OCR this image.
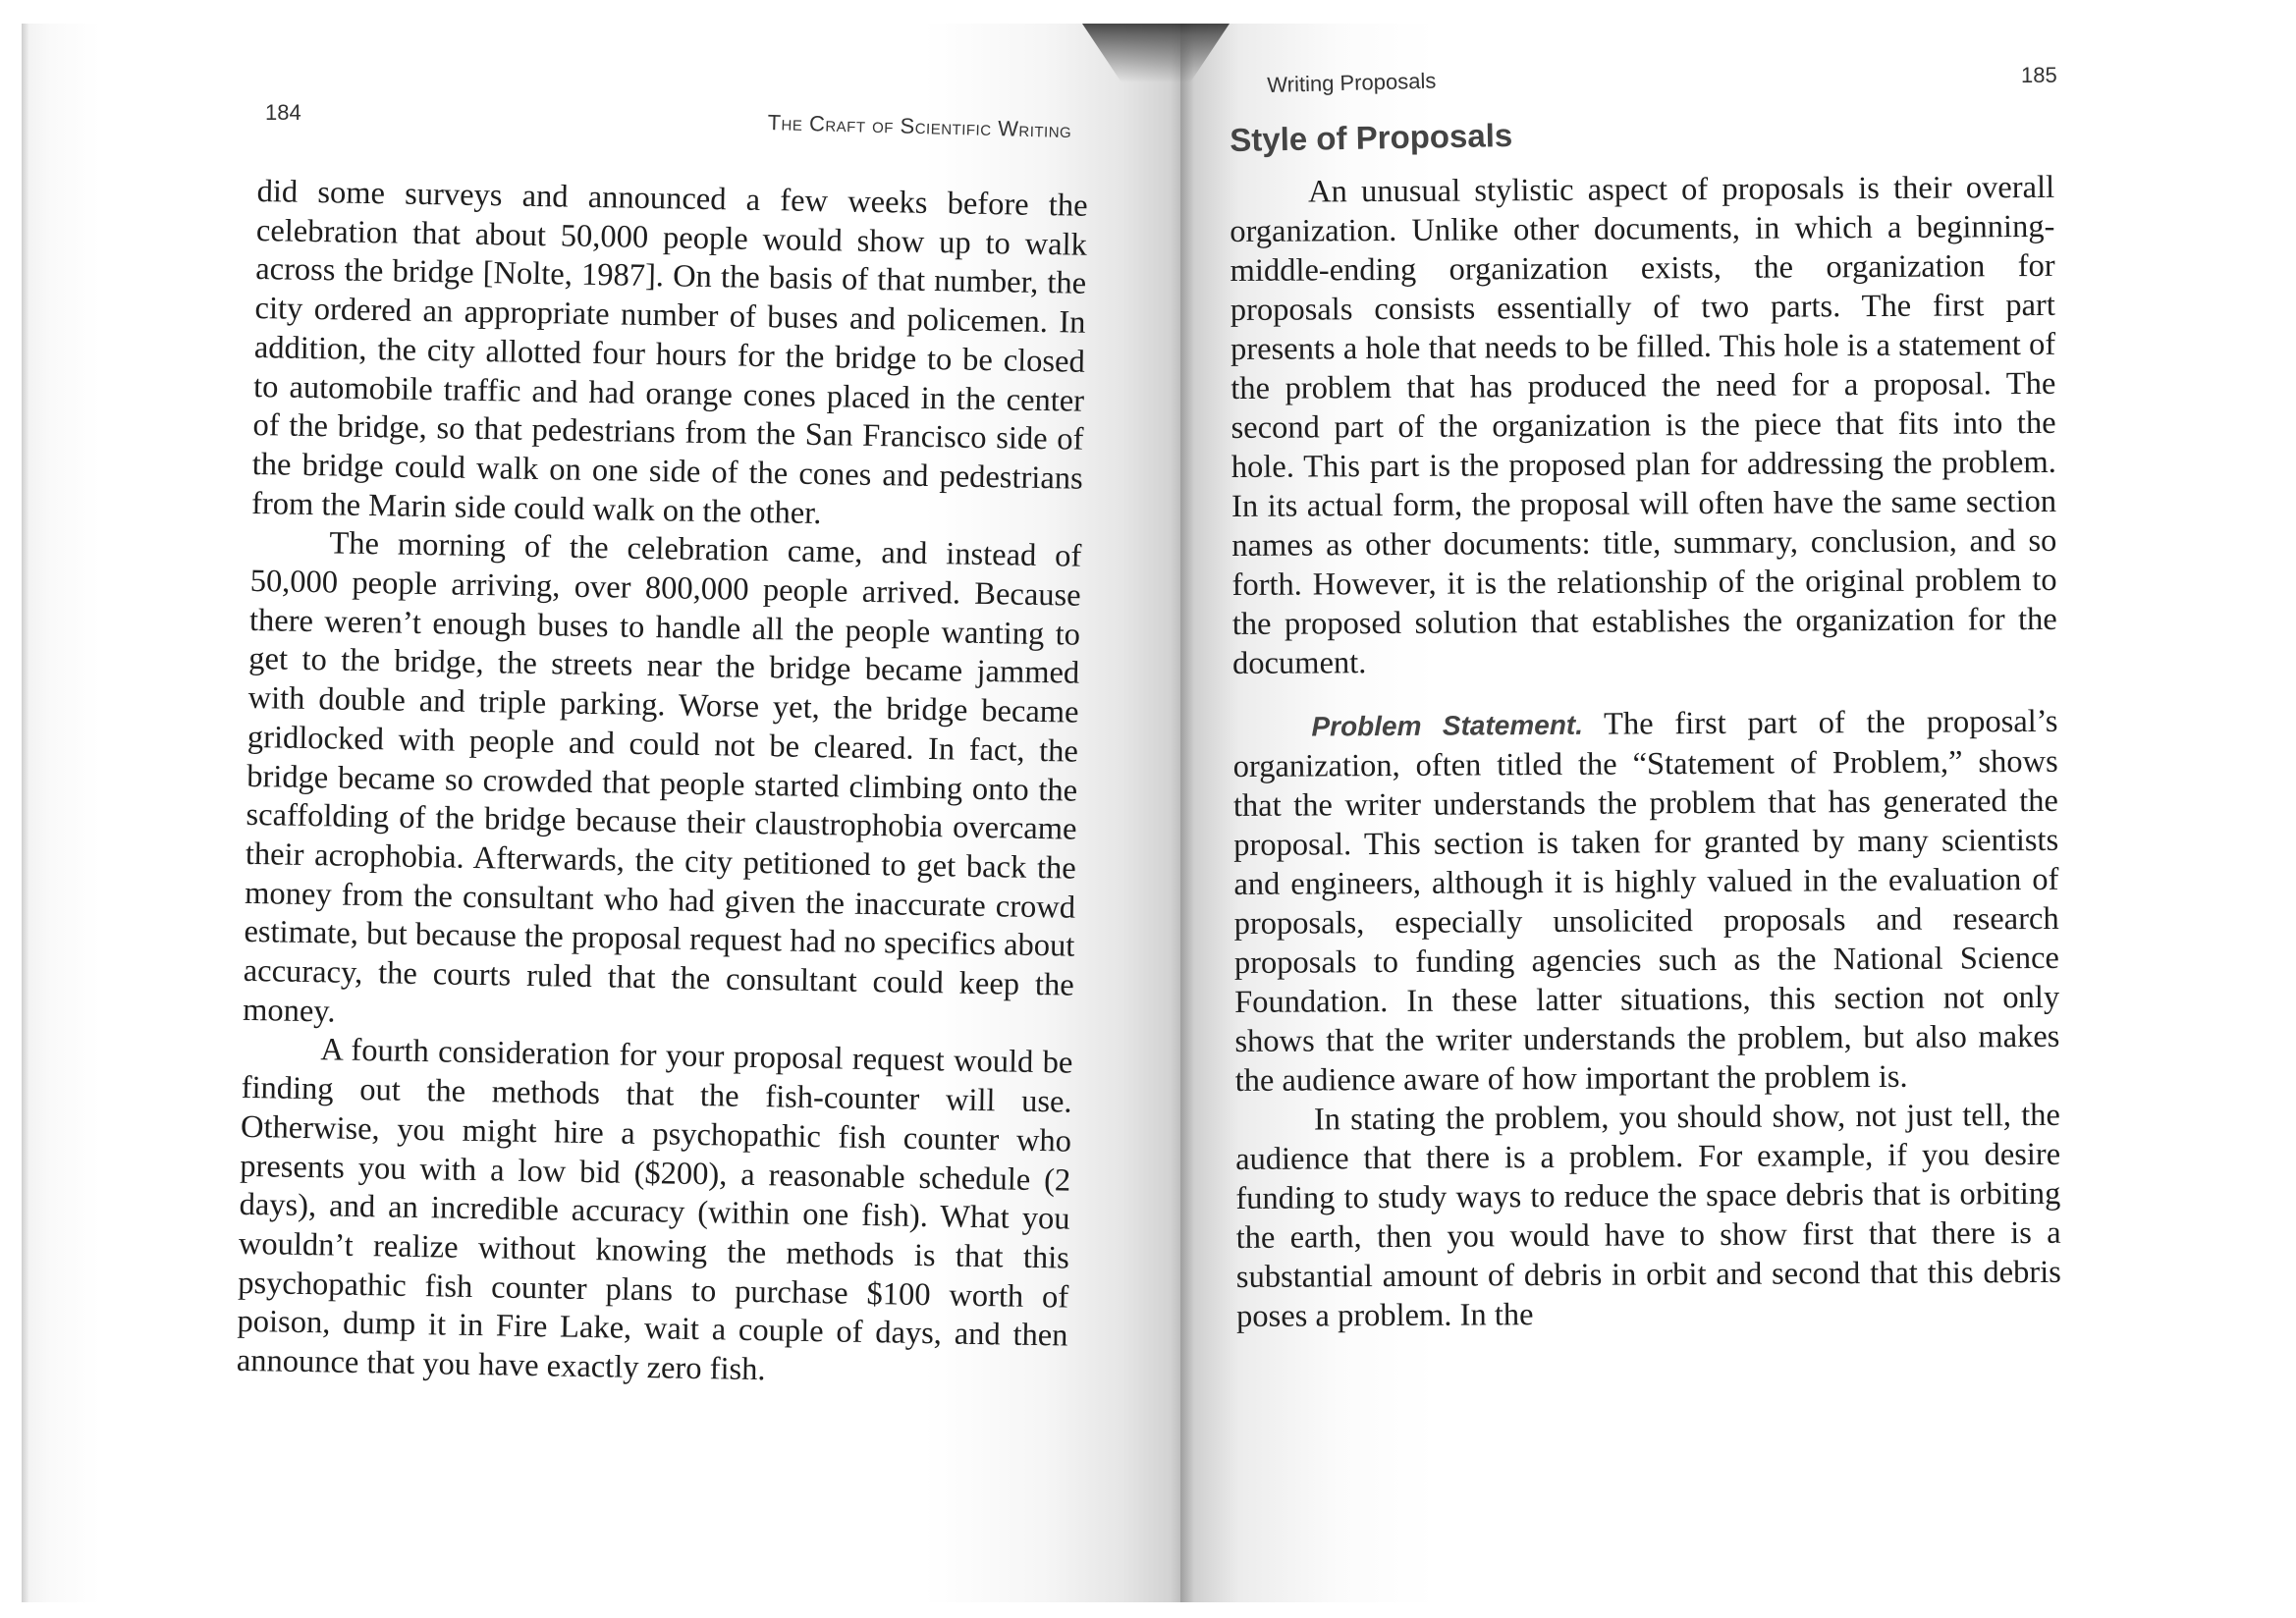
184	The Craft of Scientific Writing

did some surveys and announced a few weeks before the celebration that about 50,000 people would show up to walk across the bridge [Nolte, 1987]. On the basis of that number, the city ordered an appropriate number of buses and policemen. In addition, the city allotted four hours for the bridge to be closed to automobile traffic and had orange cones placed in the center of the bridge, so that pedestrians from the San Francisco side of the bridge could walk on one side of the cones and pedestrians from the Marin side could walk on the other.

The morning of the celebration came, and instead of 50,000 people arriving, over 800,000 people arrived. Because there weren’t enough buses to handle all the people wanting to get to the bridge, the streets near the bridge became jammed with double and triple parking. Worse yet, the bridge became gridlocked with people and could not be cleared. In fact, the bridge became so crowded that people started climbing onto the scaffolding of the bridge because their claustrophobia overcame their acrophobia. Afterwards, the city petitioned to get back the money from the consultant who had given the inaccurate crowd estimate, but because the proposal request had no specifics about accuracy, the courts ruled that the consultant could keep the money.

A fourth consideration for your proposal request would be finding out the methods that the fish-counter will use. Otherwise, you might hire a psychopathic fish counter who presents you with a low bid ($200), a reasonable schedule (2 days), and an incredible accuracy (within one fish). What you wouldn’t realize without knowing the methods is that this psychopathic fish counter plans to purchase $100 worth of poison, dump it in Fire Lake, wait a couple of days, and then announce that you have exactly zero fish.

Writing Proposals	185
Style of Proposals

An unusual stylistic aspect of proposals is their overall organization. Unlike other documents, in which a beginning-middle-ending organization exists, the organization for proposals consists essentially of two parts. The first part presents a hole that needs to be filled. This hole is a statement of the problem that has produced the need for a proposal. The second part of the organization is the piece that fits into the hole. This part is the proposed plan for addressing the problem. In its actual form, the proposal will often have the same section names as other documents: title, summary, conclusion, and so forth. However, it is the relationship of the original problem to the proposed solution that establishes the organization for the document.

Problem Statement. The first part of the proposal’s organization, often titled the “Statement of Problem,” shows that the writer understands the problem that has generated the proposal. This section is taken for granted by many scientists and engineers, although it is highly valued in the evaluation of proposals, especially unsolicited proposals and research proposals to funding agencies such as the National Science Foundation. In these latter situations, this section not only shows that the writer understands the problem, but also makes the audience aware of how important the problem is.

In stating the problem, you should show, not just tell, the audience that there is a problem. For example, if you desire funding to study ways to reduce the space debris that is orbiting the earth, then you would have to show first that there is a substantial amount of debris in orbit and second that this debris poses a problem. In the
